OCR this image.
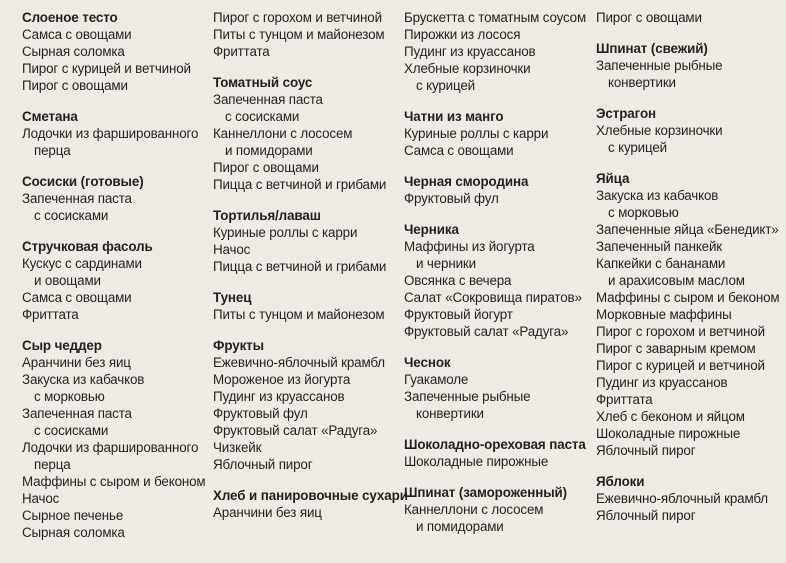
Слоеное тесто
Самса с овощами
Сырная соломка
Пирог с курицей и ветчиной
Пирог с овощами
Сметана
Лодочки из фаршированного
перца
Сосиски (готовые)
Запеченная паста
с сосисками
Стручковая фасоль
Кускус с сардинами
и овощами
Самса с овощами
Фриттата
Сыр чеддер
Аранчини без яиц
Закуска из кабачков
с морковью
Запеченная паста
с сосисками
Лодочки из фаршированного
перца
Маффины с сыром и беконом
Начос
Сырное печенье
Сырная соломка
Пирог с горохом и ветчиной
Питы с тунцом и майонезом
Фриттата
Томатный соус
Запеченная паста
с сосисками
Каннеллони с лососем
и помидорами
Пирог с овощами
Пицца с ветчиной и грибами
Тортилья/лаваш
Куриные роллы с карри
Начос
Пицца с ветчиной и грибами
Тунец
Питы с тунцом и майонезом
Фрукты
Ежевично-яблочный крамбл
Мороженое из йогурта
Пудинг из круассанов
Фруктовый фул
Фруктовый салат «Радуга»
Чизкейк
Яблочный пирог
Хлеб и панировочные сухари
Аранчини без яиц
Брускетта с томатным соусом
Пирожки из лосося
Пудинг из круассанов
Хлебные корзиночки
с курицей
Чатни из манго
Куриные роллы с карри
Самса с овощами
Черная смородина
Фруктовый фул
Черника
Маффины из йогурта
и черники
Овсянка с вечера
Салат «Сокровища пиратов»
Фруктовый йогурт
Фруктовый салат «Радуга»
Чеснок
Гуакамоле
Запеченные рыбные
конвертики
Шоколадно-ореховая паста
Шоколадные пирожные
Шпинат (замороженный)
Каннеллони с лососем
и помидорами
Пирог с овощами
Шпинат (свежий)
Запеченные рыбные
конвертики
Эстрагон
Хлебные корзиночки
с курицей
Яйца
Закуска из кабачков
с морковью
Запеченные яйца «Бенедикт»
Запеченный панкейк
Капкейки с бананами
и арахисовым маслом
Маффины с сыром и беконом
Морковные маффины
Пирог с горохом и ветчиной
Пирог с заварным кремом
Пирог с курицей и ветчиной
Пудинг из круассанов
Фриттата
Хлеб с беконом и яйцом
Шоколадные пирожные
Яблочный пирог
Яблоки
Ежевично-яблочный крамбл
Яблочный пирог
